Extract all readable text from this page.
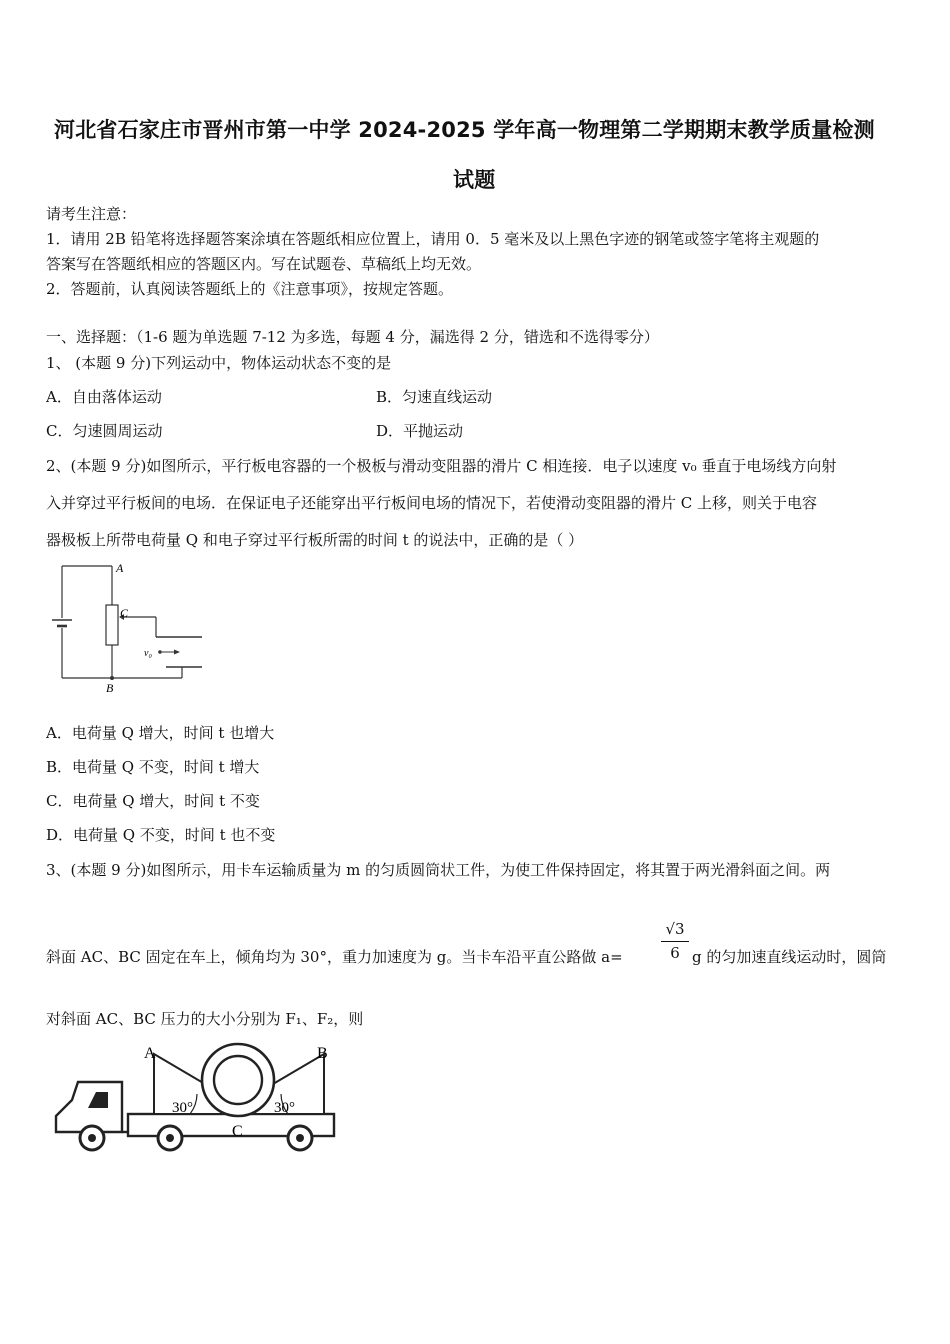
河北省石家庄市晋州市第一中学 2024-2025 学年高一物理第二学期期末教学质量检测
试题
请考生注意：
1．请用 2B 铅笔将选择题答案涂填在答题纸相应位置上，请用 0．5 毫米及以上黑色字迹的钢笔或签字笔将主观题的
答案写在答题纸相应的答题区内。写在试题卷、草稿纸上均无效。
2．答题前，认真阅读答题纸上的《注意事项》，按规定答题。
一、选择题：（1-6 题为单选题 7-12 为多选，每题 4 分，漏选得 2 分，错选和不选得零分）
1、 (本题 9 分)下列运动中，物体运动状态不变的是
A．自由落体运动	B．匀速直线运动
C．匀速圆周运动	D．平抛运动
2、(本题 9 分)如图所示，平行板电容器的一个极板与滑动变阻器的滑片 C 相连接．电子以速度 v₀ 垂直于电场线方向射
入并穿过平行板间的电场．在保证电子还能穿出平行板间电场的情况下，若使滑动变阻器的滑片 C 上移，则关于电容
器极板上所带电荷量 Q 和电子穿过平行板所需的时间 t 的说法中，正确的是（ ）
A
C
B
v₀
A．电荷量 Q 增大，时间 t 也增大
B．电荷量 Q 不变，时间 t 增大
C．电荷量 Q 增大，时间 t 不变
D．电荷量 Q 不变，时间 t 也不变
3、(本题 9 分)如图所示，用卡车运输质量为 m 的匀质圆筒状工件，为使工件保持固定，将其置于两光滑斜面之间。两
斜面 AC、BC 固定在车上，倾角均为 30°，重力加速度为 g。当卡车沿平直公路做 a=	$\frac{√3}{6}$ g 的匀加速直线运动时，圆筒
对斜面 AC、BC 压力的大小分别为 F₁、F₂，则
A	B
C
30°	30°
